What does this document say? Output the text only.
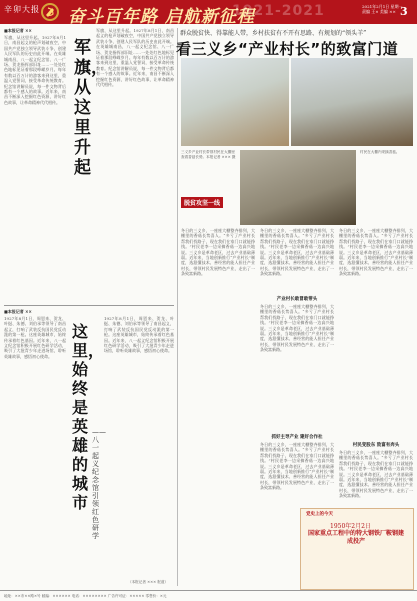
辛卯大报 奋斗百年路 启航新征程
1921-2021	2021年2月1日 星期一
责编 王× 美编 ×× 3
■本报记者 ××
军旗，从这里升起。1927年8月1日，南昌起义的枪声划破夜空，中国共产党独立领导武装斗争、创建人民军队的历史由此开端。在英雄城南昌，八一起义纪念馆、八一广场、贺龙指挥部旧址……一处处红色地标见证着那段峥嵘岁月。每年有数以百万计的游客来到这里，重温入党誓词，接受革命传统教育。纪念馆讲解员说，每一件文物背后都有一个感人的故事。近年来，南昌不断深入挖掘红色资源，讲好红色故事，让革命精神代代相传。
军旗，从这里升起
军旗，从这里升起。1927年8月1日，南昌起义的枪声划破夜空，中国共产党独立领导武装斗争、创建人民军队的历史由此开端。在英雄城南昌，八一起义纪念馆、八一广场、贺龙指挥部旧址……一处处红色地标见证着那段峥嵘岁月。每年有数以百万计的游客来到这里，重温入党誓词，接受革命传统教育。纪念馆讲解员说，每一件文物背后都有一个感人的故事。近年来，南昌不断深入挖掘红色资源，讲好红色故事，让革命精神代代相传。
■本报记者 ××
1927年8月1日，周恩来、贺龙、叶挺、朱德、刘伯承等领导了南昌起义，打响了武装反抗国民党反动派的第一枪。这座英雄城市，始终传承着红色基因。近年来，八一起义纪念馆积极开展红色研学活动，吸引了大批青少年走进场馆，聆听英雄故事，感悟初心使命。
这里，始终是英雄的城市
——八一起义纪念馆引领红色研学
1927年8月1日，周恩来、贺龙、叶挺、朱德、刘伯承等领导了南昌起义，打响了武装反抗国民党反动派的第一枪。这座英雄城市，始终传承着红色基因。近年来，八一起义纪念馆积极开展红色研学活动，吸引了大批青少年走进场馆，聆听英雄故事，感悟初心使命。
（本报记者 ××× 报道）
群众脱贫快、得靠能人带，乡村扶贫有不开有思路、有规划的“领头羊”
看三义乡“产业村长”的致富门道
脱贫攻坚一线
三义乡产业村长带领村民在大棚里查看香菇长势。本报记者 ××× 摄
村民在大棚内采摘香菇。
冬日的三义乡，一座座大棚整齐排列，大棚里的香菇长势喜人。“多亏了产业村长帮我们找路子，现在我们在家门口就能挣钱。”村民老李一边采摘香菇一边高兴地说。三义乡是革命老区，过去产业基础薄弱。近年来，当地创新推行“产业村长”制度，选派懂技术、善经营的能人担任产业村长，带领村民发展特色产业，走出了一条致富新路。
产业村长敢冒敢带头
冬日的三义乡，一座座大棚整齐排列，大棚里的香菇长势喜人。“多亏了产业村长帮我们找路子，现在我们在家门口就能挣钱。”村民老李一边采摘香菇一边高兴地说。三义乡是革命老区，过去产业基础薄弱。近年来，当地创新推行“产业村长”制度，选派懂技术、善经营的能人担任产业村长，带领村民发展特色产业，走出了一条致富新路。
冬日的三义乡，一座座大棚整齐排列，大棚里的香菇长势喜人。“多亏了产业村长帮我们找路子，现在我们在家门口就能挣钱。”村民老李一边采摘香菇一边高兴地说。三义乡是革命老区，过去产业基础薄弱。近年来，当地创新推行“产业村长”制度，选派懂技术、善经营的能人担任产业村长，带领村民发展特色产业，走出了一条致富新路。
抓好主导产业 建好合作社
冬日的三义乡，一座座大棚整齐排列，大棚里的香菇长势喜人。“多亏了产业村长帮我们找路子，现在我们在家门口就能挣钱。”村民老李一边采摘香菇一边高兴地说。三义乡是革命老区，过去产业基础薄弱。近年来，当地创新推行“产业村长”制度，选派懂技术、善经营的能人担任产业村长，带领村民发展特色产业，走出了一条致富新路。
冬日的三义乡，一座座大棚整齐排列，大棚里的香菇长势喜人。“多亏了产业村长帮我们找路子，现在我们在家门口就能挣钱。”村民老李一边采摘香菇一边高兴地说。三义乡是革命老区，过去产业基础薄弱。近年来，当地创新推行“产业村长”制度，选派懂技术、善经营的能人担任产业村长，带领村民发展特色产业，走出了一条致富新路。
村民变股东 致富有奔头
冬日的三义乡，一座座大棚整齐排列，大棚里的香菇长势喜人。“多亏了产业村长帮我们找路子，现在我们在家门口就能挣钱。”村民老李一边采摘香菇一边高兴地说。三义乡是革命老区，过去产业基础薄弱。近年来，当地创新推行“产业村长”制度，选派懂技术、善经营的能人担任产业村长，带领村民发展特色产业，走出了一条致富新路。
党史上的今天
1950年2月2日
国家重点工程中的特大钢铁厂鞍钢建成投产
地址：××市××路×号 邮编：×××××× 电话：×××××××× 广告许可证：××××× 零售价：×元
